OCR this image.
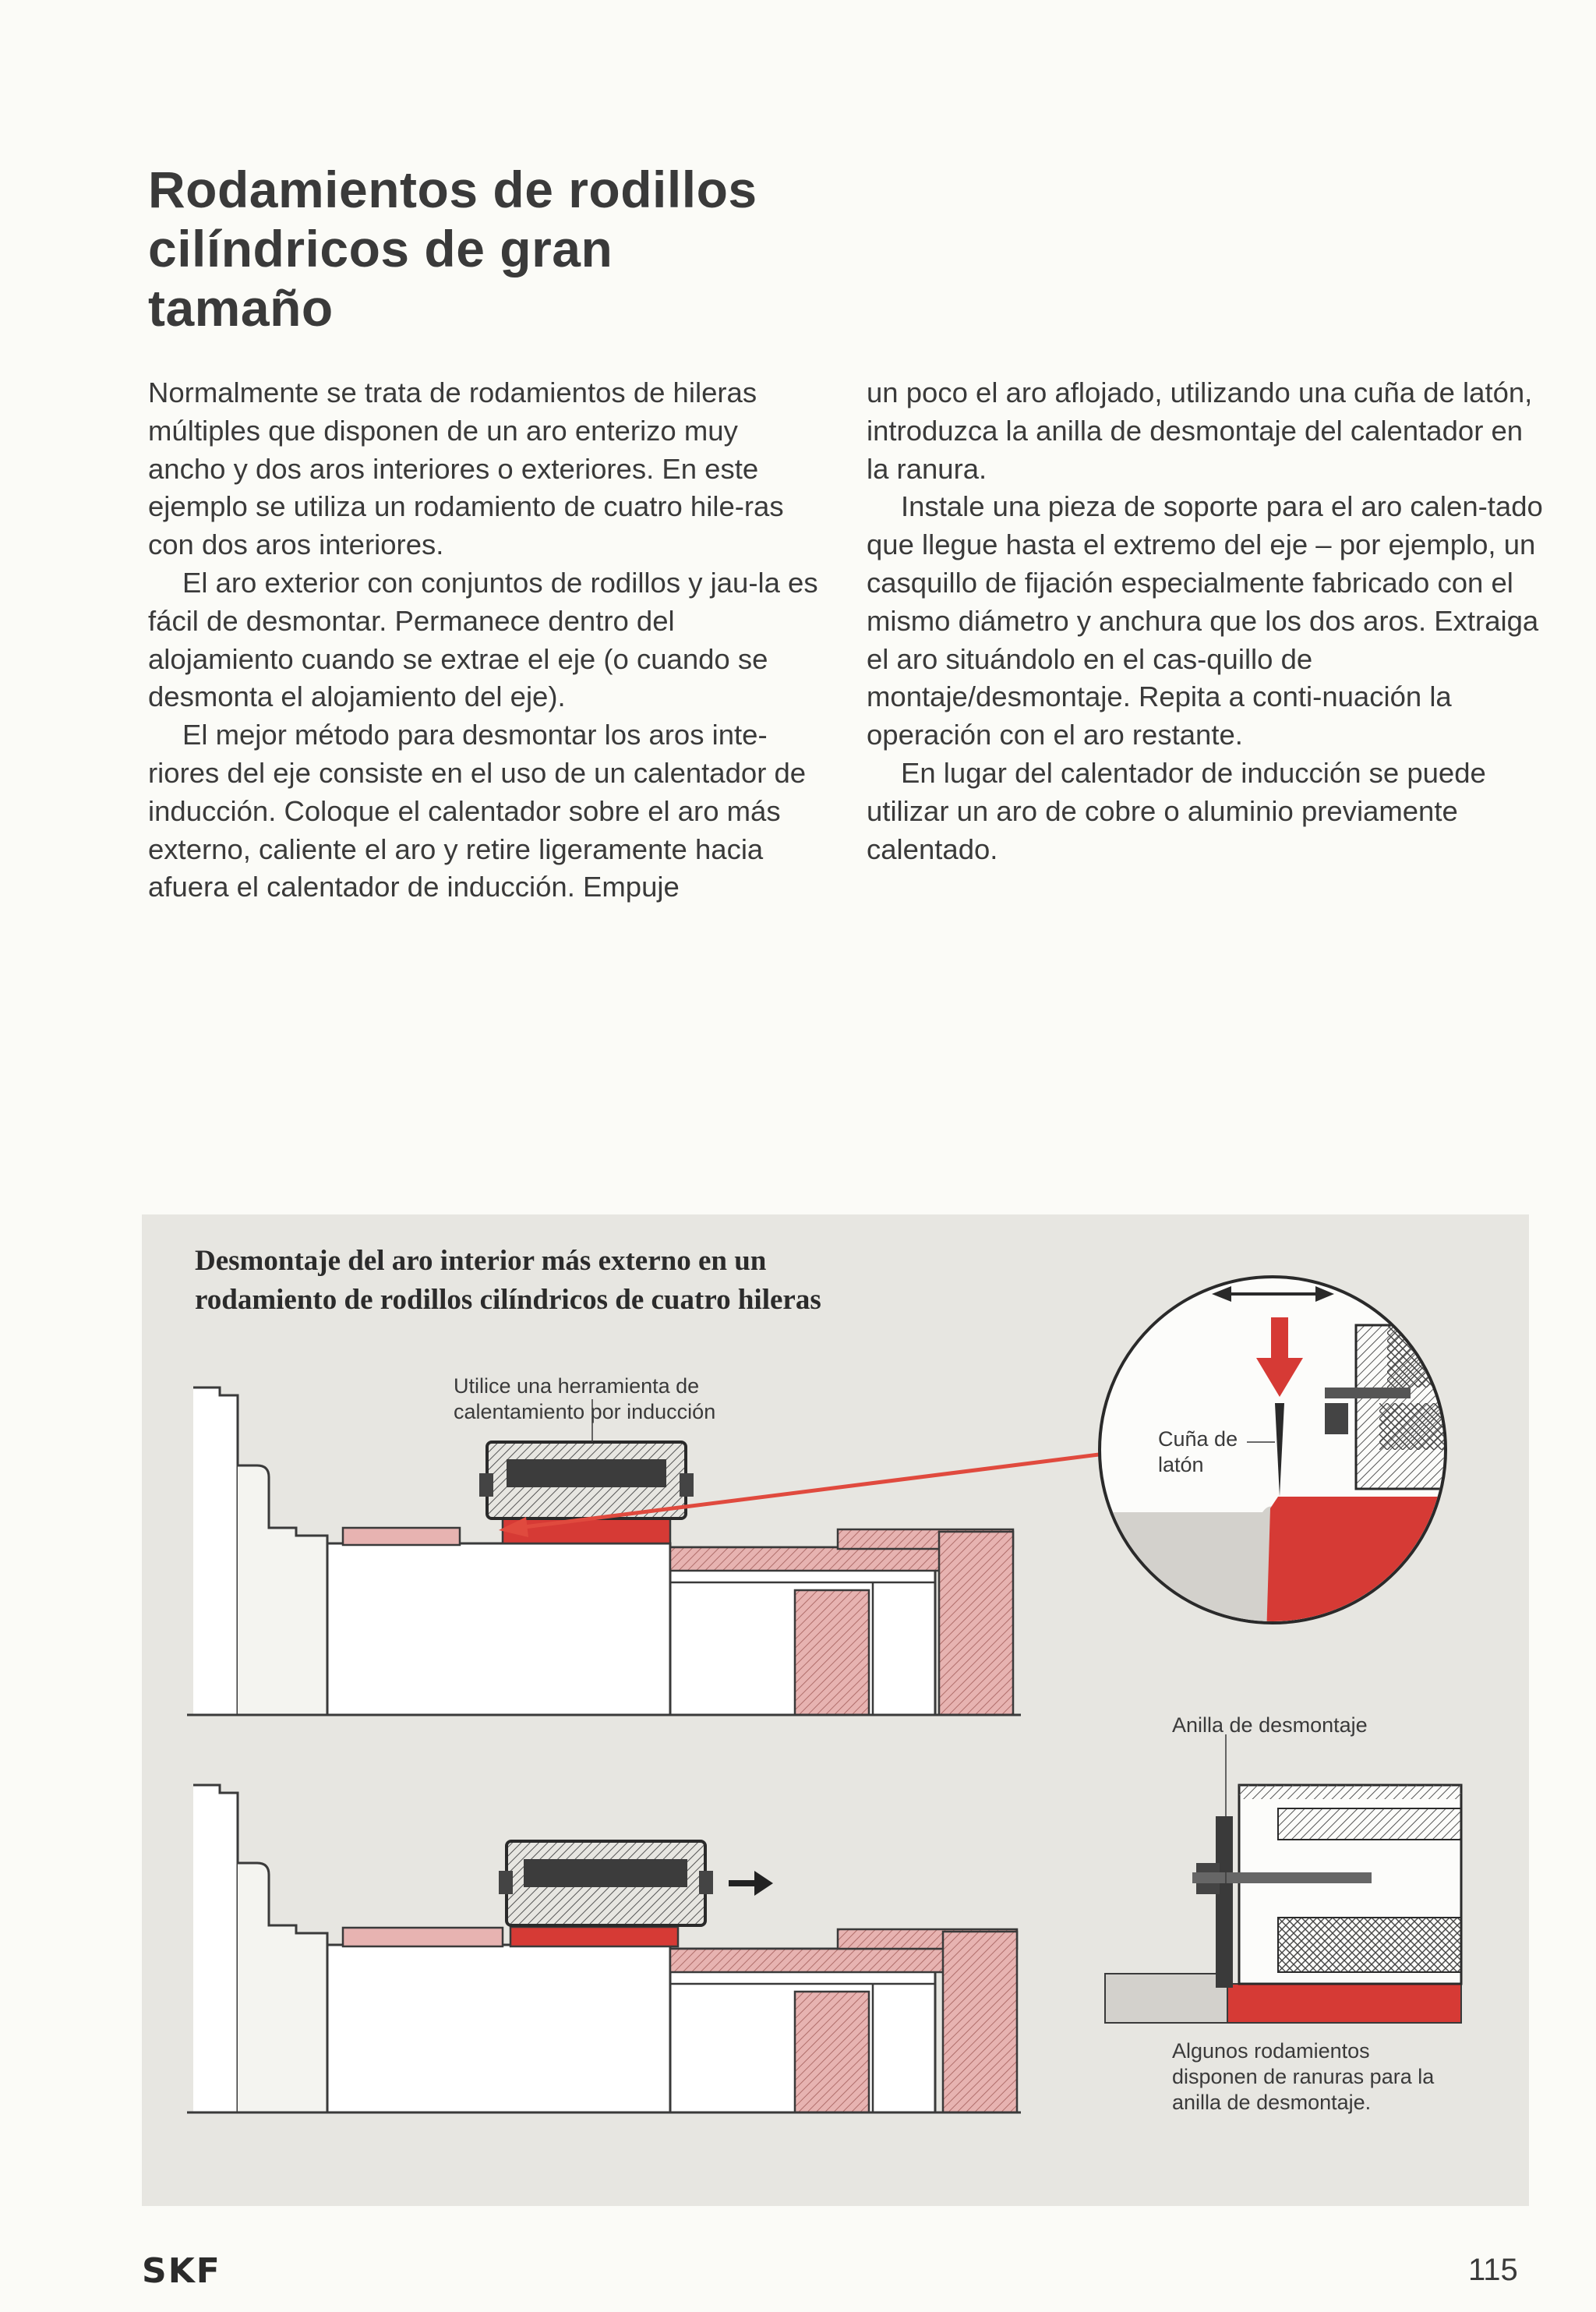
Rodamientos de rodillos
cilíndricos de gran
tamaño

Normalmente se trata de rodamientos de hileras múltiples que disponen de un aro enterizo muy ancho y dos aros interiores o exteriores. En este ejemplo se utiliza un rodamiento de cuatro hile-ras con dos aros interiores.

El aro exterior con conjuntos de rodillos y jau-la es fácil de desmontar. Permanece dentro del alojamiento cuando se extrae el eje (o cuando se desmonta el alojamiento del eje).

El mejor método para desmontar los aros inte-riores del eje consiste en el uso de un calentador de inducción. Coloque el calentador sobre el aro más externo, caliente el aro y retire ligeramente hacia afuera el calentador de inducción. Empuje

un poco el aro aflojado, utilizando una cuña de latón, introduzca la anilla de desmontaje del calentador en la ranura.

Instale una pieza de soporte para el aro calen-tado que llegue hasta el extremo del eje – por ejemplo, un casquillo de fijación especialmente fabricado con el mismo diámetro y anchura que los dos aros. Extraiga el aro situándolo en el cas-quillo de montaje/desmontaje. Repita a conti-nuación la operación con el aro restante.

En lugar del calentador de inducción se puede utilizar un aro de cobre o aluminio previamente calentado.

Desmontaje del aro interior más externo en un
rodamiento de rodillos cilíndricos de cuatro hileras
Utilice una herramienta de
calentamiento por inducción
Cuña de
latón
Anilla de desmontaje
Algunos rodamientos
disponen de ranuras para la
anilla de desmontaje.
SKF	115
